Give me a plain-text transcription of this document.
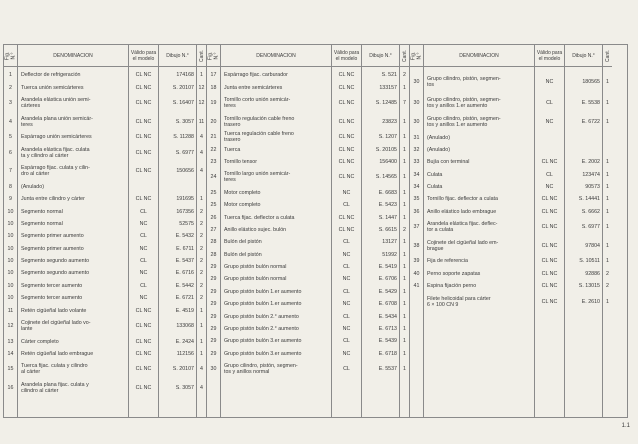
Fig. N.°
1
2
3
4
5
6
7
8
9
10
10
10
10
10
10
10
10
11
12
13
14
15
16
DENOMINACION
Deflector de refrigeración
Tuerca unión semicárteres
Arandela elástica unión semi-
cárteres
Arandela plana unión semicár-
teres
Espárrago unión semicárteres
Arandela elástica fijac. culata
ta y cilindro al cárter
Espárrago fijac. culata y cilin-
dro al cárter
(Anulado)
Junta entre cilindro y cárter
Segmento normal
Segmento normal
Segmento primer aumento
Segmento primer aumento
Segmento segundo aumento
Segmento segundo aumento
Segmento tercer aumento
Segmento tercer aumento
Retén cigüeñal lado volante
Cojinete del cigüeñal lado vo-
lante
Cárter completo
Retén cigüeñal lado embrague
Tuerca fijac. culata y cilindro
al cárter
Arandela plana fijac. culata y
cilindro al cárter
Válido para
el modelo
CL NC
CL NC
CL NC
CL NC
CL NC
CL NC
CL NC
CL NC
CL
NC
CL
NC
CL
NC
CL
NC
CL NC
CL NC
CL NC
CL NC
CL NC
CL NC
Dibujo N.°
174168
S. 20107
S. 16407
S. 3057
S. 11288
S. 6977
150656
191695
167356
52575
E. 5432
E. 6711
E. 5437
E. 6716
E. 5442
E. 6721
E. 4519
133068
E. 2424
112156
S. 20107
S. 3057
Cant.
1
12
12
11
4
4
4
1
2
2
2
2
2
2
2
2
1
1
1
1
4
4
Fig. N.°
17
18
19
20
21
22
23
24
25
25
26
27
28
28
29
29
29
29
29
29
29
29
30
DENOMINACION
Espárrago fijac. carburador
Junta entre semicárteres
Tornillo corto unión semicár-
teres
Tornillo regulación cable freno
trasero
Tuerca regulación cable freno
trasero
Tuerca
Tornillo tensor
Tornillo largo unión semicár-
teres
Motor completo
Motor completo
Tuerca fijac. deflector a culata
Anillo elástico sujec. bulón
Bulón del pistón
Bulón del pistón
Grupo pistón bulón normal
Grupo pistón bulón normal
Grupo pistón bulón 1.er aumento
Grupo pistón bulón 1.er aumento
Grupo pistón bulón 2.° aumento
Grupo pistón bulón 2.° aumento
Grupo pistón bulón 3.er aumento
Grupo pistón bulón 3.er aumento
Grupo cilindro, pistón, segmen-
tos y anillos normal
Válido para
el modelo
CL NC
CL NC
CL NC
CL NC
CL NC
CL NC
CL NC
CL NC
NC
CL
CL NC
CL NC
CL
NC
CL
NC
CL
NC
CL
NC
CL
NC
CL
Dibujo N.°
S. 521
133157
S. 12485
23823
S. 1207
S. 20105
156400
S. 14565
E. 6683
E. 5423
S. 1447
S. 6615
13127
51992
E. 5419
E. 6706
E. 5429
E. 6708
E. 5434
E. 6713
E. 5439
E. 6718
E. 5537
Cant.
2
1
7
1
1
1
1
1
1
1
1
2
1
1
1
1
1
1
1
1
1
1
1
Fig. N.°
30
30
30
31
32
33
34
34
35
36
37
38
39
40
41
DENOMINACION
Grupo cilindro, pistón, segmen-
tos
Grupo cilindro, pistón, segmen-
tos y anillos 1.er aumento
Grupo cilindro, pistón, segmen-
tos y anillos 1.er aumento
(Anulado)
(Anulado)
Bujía con terminal
Culata
Culata
Tornillo fijac. deflector a culata
Anillo elástico lado embrague
Arandela elástica fijac. deflec-
tor a culata
Cojinete del cigüeñal lado em-
brague
Fija de referencia
Perno soporte zapatas
Espina fijación perno
Filete helicoidal para cárter
6 × 100 CN 9
Válido para
el modelo
NC
CL
NC
CL NC
CL
NC
CL NC
CL NC
CL NC
CL NC
CL NC
CL NC
CL NC
CL NC
Dibujo N.°
180565
E. 5538
E. 6722
E. 2002
123474
90573
S. 14441
S. 6662
S. 6977
97804
S. 10511
92886
S. 13015
E. 2610
Cant.
1
1
1
1
1
1
1
1
1
1
1
2
2
1
1.1
